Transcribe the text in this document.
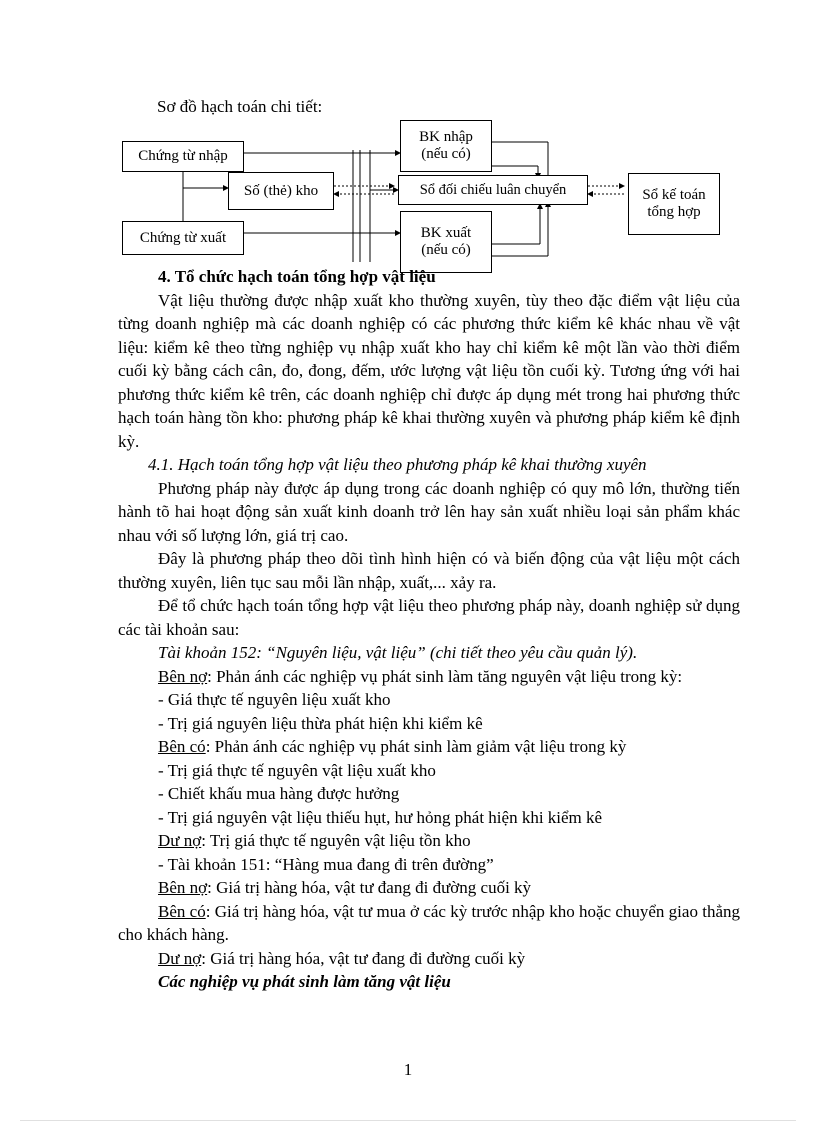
Sơ đồ hạch toán chi tiết:
Chứng từ nhập
Số (thẻ) kho
Chứng từ xuất
BK nhập
(nếu có)
Sổ đối chiếu luân chuyển
BK xuất
(nếu có)
Sổ kế toán
tổng hợp

4. Tổ chức hạch toán tổng hợp vật liệu

Vật liệu thường được nhập xuất kho thường xuyên, tùy theo đặc điểm vật liệu của từng doanh nghiệp mà các doanh nghiệp có các phương thức kiểm kê khác nhau về vật liệu: kiểm kê theo từng nghiệp vụ nhập xuất kho hay chỉ kiểm kê một lần vào thời điểm cuối kỳ bằng cách cân, đo, đong, đếm, ước lượng vật liệu tồn cuối kỳ. Tương ứng với hai phương thức kiểm kê trên, các doanh nghiệp chỉ được áp dụng mét trong hai phương thức hạch toán hàng tồn kho: phương pháp kê khai thường xuyên và phương pháp kiểm kê định kỳ.

4.1. Hạch toán tổng hợp vật liệu theo phương pháp kê khai thường xuyên

Phương pháp này được áp dụng trong các doanh nghiệp có quy mô lớn, thường tiến hành tõ hai hoạt động sản xuất kinh doanh trở lên hay sản xuất nhiều loại sản phẩm khác nhau với số lượng lớn, giá trị cao.

Đây là phương pháp theo dõi tình hình hiện có và biến động của vật liệu một cách thường xuyên, liên tục sau mỗi lần nhập, xuất,... xảy ra.

Để tổ chức hạch toán tổng hợp vật liệu theo phương pháp này, doanh nghiệp sử dụng các tài khoản sau:

Tài khoản 152: “Nguyên liệu, vật liệu” (chi tiết theo yêu cầu quản lý).

Bên nợ: Phản ánh các nghiệp vụ phát sinh làm tăng nguyên vật liệu trong kỳ:

- Giá thực tế nguyên liệu xuất kho

- Trị giá nguyên liệu thừa phát hiện khi kiểm kê

Bên có: Phản ánh các nghiệp vụ phát sinh làm giảm vật liệu trong kỳ

- Trị giá thực tế nguyên vật liệu xuất kho

- Chiết khấu mua hàng được hưởng

- Trị giá nguyên vật liệu thiếu hụt, hư hỏng phát hiện khi kiểm kê

Dư nợ: Trị giá thực tế nguyên vật liệu tồn kho

- Tài khoản 151: “Hàng mua đang đi trên đường”

Bên nợ: Giá trị hàng hóa, vật tư đang đi đường cuối kỳ

Bên có: Giá trị hàng hóa, vật tư mua ở các kỳ trước nhập kho hoặc chuyển giao thẳng cho khách hàng.

Dư nợ: Giá trị hàng hóa, vật tư đang đi đường cuối kỳ

Các nghiệp vụ phát sinh làm tăng vật liệu

1
